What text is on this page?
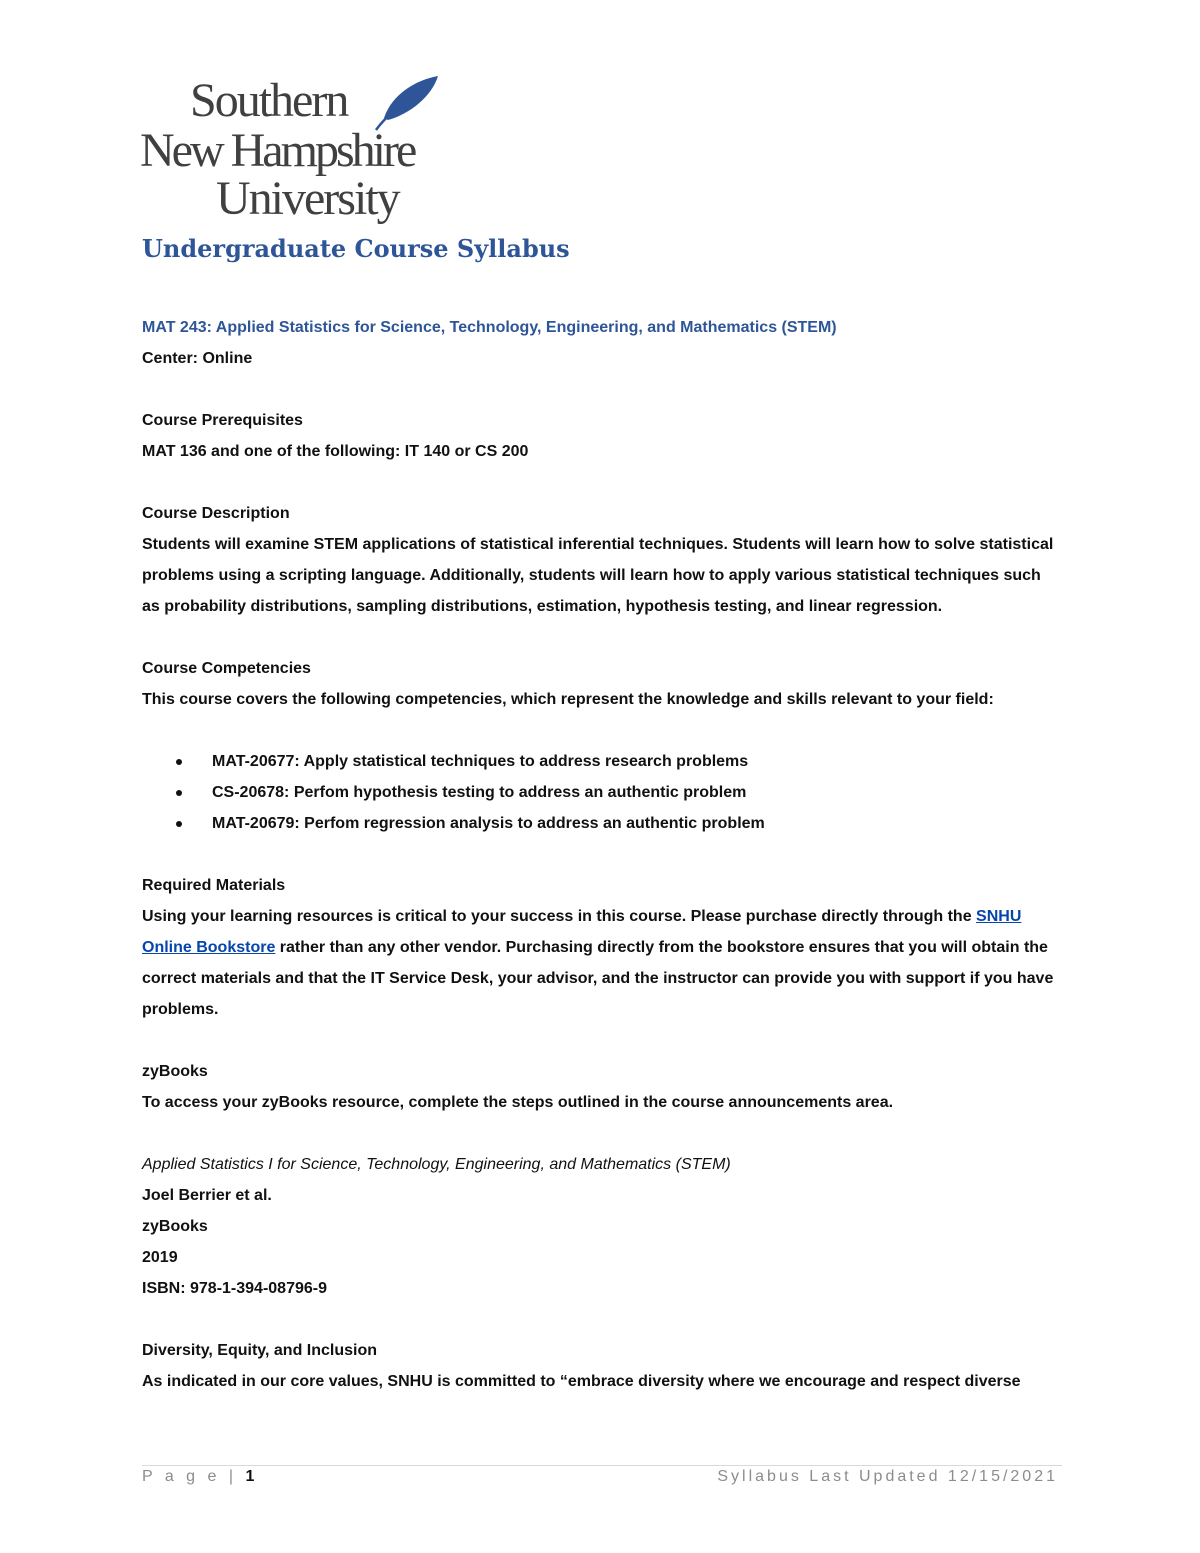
Southern
New Hampshire
University
Undergraduate Course Syllabus

MAT 243: Applied Statistics for Science, Technology, Engineering, and Mathematics (STEM)

Center: Online

Course Prerequisites

MAT 136 and one of the following: IT 140 or CS 200

Course Description

Students will examine STEM applications of statistical inferential techniques. Students will learn how to solve statistical problems using a scripting language. Additionally, students will learn how to apply various statistical techniques such as probability distributions, sampling distributions, estimation, hypothesis testing, and linear regression.

Course Competencies

This course covers the following competencies, which represent the knowledge and skills relevant to your field:

MAT-20677: Apply statistical techniques to address research problems
CS-20678: Perfom hypothesis testing to address an authentic problem
MAT-20679: Perfom regression analysis to address an authentic problem

Required Materials

Using your learning resources is critical to your success in this course. Please purchase directly through the SNHU Online Bookstore rather than any other vendor. Purchasing directly from the bookstore ensures that you will obtain the correct materials and that the IT Service Desk, your advisor, and the instructor can provide you with support if you have problems.

zyBooks

To access your zyBooks resource, complete the steps outlined in the course announcements area.

Applied Statistics I for Science, Technology, Engineering, and Mathematics (STEM)

Joel Berrier et al.

zyBooks

2019

ISBN: 978-1-394-08796-9

Diversity, Equity, and Inclusion

As indicated in our core values, SNHU is committed to “embrace diversity where we encourage and respect diverse

P a g e | 1	Syllabus Last Updated 12/15/2021
